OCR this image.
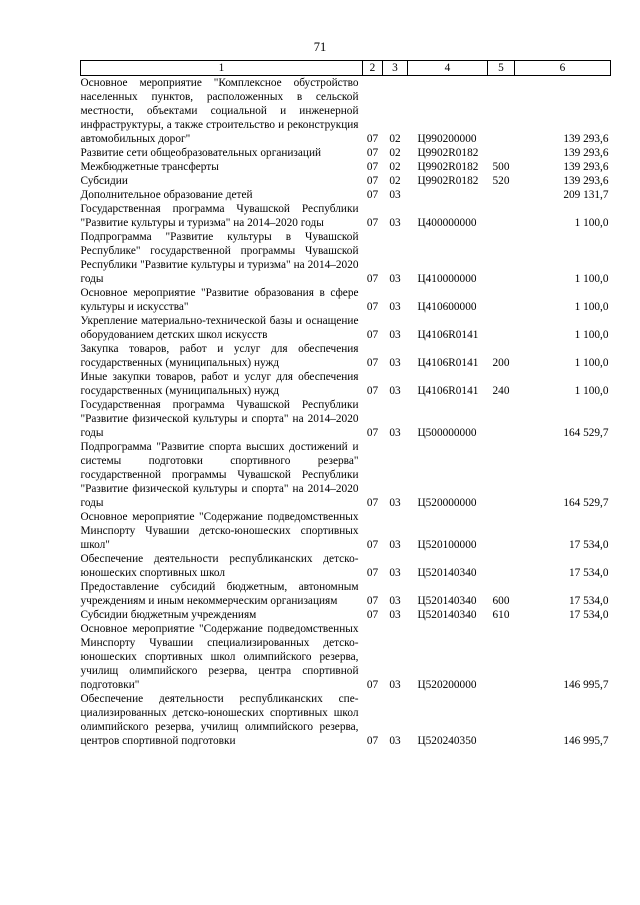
71
1	2	3	4	5	6
Основное мероприятие "Комплексное обустройство населенных пунктов, расположенных в сельской местности, объектами социальной и инженерной инфраструктуры, а также строительство и реконструкция автомобильных дорог"	07	02	Ц990200000		139 293,6
Развитие сети общеобразовательных организаций	07	02	Ц9902R0182		139 293,6
Межбюджетные трансферты	07	02	Ц9902R0182	500	139 293,6
Субсидии	07	02	Ц9902R0182	520	139 293,6
Дополнительное образование детей	07	03			209 131,7
Государственная программа Чувашской Республики "Развитие культуры и туризма" на 2014–2020 годы	07	03	Ц400000000		1 100,0
Подпрограмма "Развитие культуры в Чувашской Республике" государственной программы Чувашской Республики "Развитие культуры и туризма" на 2014–2020 годы	07	03	Ц410000000		1 100,0
Основное мероприятие "Развитие образования в сфере культуры и искусства"	07	03	Ц410600000		1 100,0
Укрепление материально-технической базы и оснащение оборудованием детских школ искусств	07	03	Ц4106R0141		1 100,0
Закупка товаров, работ и услуг для обеспечения государственных (муниципальных) нужд	07	03	Ц4106R0141	200	1 100,0
Иные закупки товаров, работ и услуг для обеспечения государственных (муниципальных) нужд	07	03	Ц4106R0141	240	1 100,0
Государственная программа Чувашской Республики "Развитие физической культуры и спорта" на 2014–2020 годы	07	03	Ц500000000		164 529,7
Подпрограмма "Развитие спорта высших достижений и системы подготовки спортивного резерва" государственной программы Чувашской Республики "Развитие физической культуры и спорта" на 2014–2020 годы	07	03	Ц520000000		164 529,7
Основное мероприятие "Содержание подведомственных Минспорту Чувашии детско-юношеских спортивных школ"	07	03	Ц520100000		17 534,0
Обеспечение деятельности республиканских детско-юношеских спортивных школ	07	03	Ц520140340		17 534,0
Предоставление субсидий бюджетным, автономным учреждениям и иным некоммерческим организациям	07	03	Ц520140340	600	17 534,0
Субсидии бюджетным учреждениям	07	03	Ц520140340	610	17 534,0
Основное мероприятие "Содержание подведомственных Минспорту Чувашии специализированных детско-юношеских спортивных школ олимпийского резерва, училищ олимпийского резерва, центра спортивной подготовки"	07	03	Ц520200000		146 995,7
Обеспечение деятельности республиканских специализированных детско-юношеских спортивных школ олимпийского резерва, училищ олимпийского резерва, центров спортивной подготовки	07	03	Ц520240350		146 995,7
